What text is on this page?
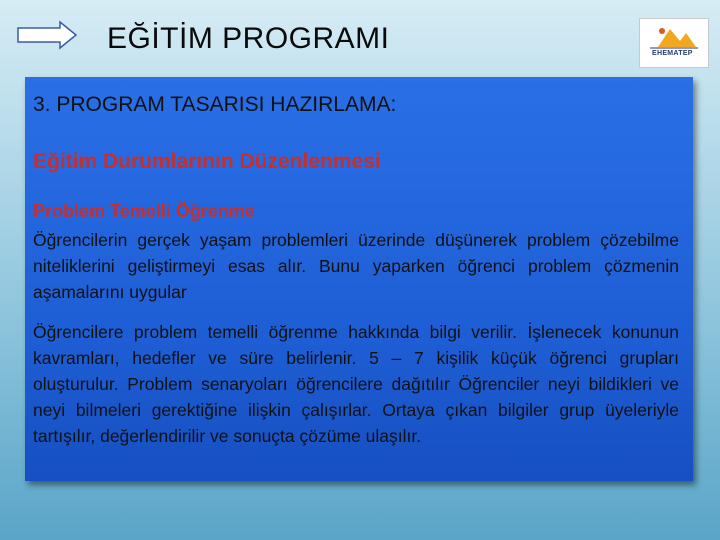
EĞİTİM PROGRAMI	EHEMATEP
3. PROGRAM TASARISI HAZIRLAMA:
Eğitim Durumlarının Düzenlenmesi
Problem Temelli Öğrenme

Öğrencilerin gerçek yaşam problemleri üzerinde düşünerek problem çözebilme niteliklerini geliştirmeyi esas alır. Bunu yaparken öğrenci problem çözmenin aşamalarını uygular

Öğrencilere problem temelli öğrenme hakkında bilgi verilir. İşlenecek konunun kavramları, hedefler ve süre belirlenir. 5 – 7 kişilik küçük öğrenci grupları oluşturulur. Problem senaryoları öğrencilere dağıtılır Öğrenciler neyi bildikleri ve neyi bilmeleri gerektiğine ilişkin çalışırlar. Ortaya çıkan bilgiler grup üyeleriyle tartışılır, değerlendirilir ve sonuçta çözüme ulaşılır.
